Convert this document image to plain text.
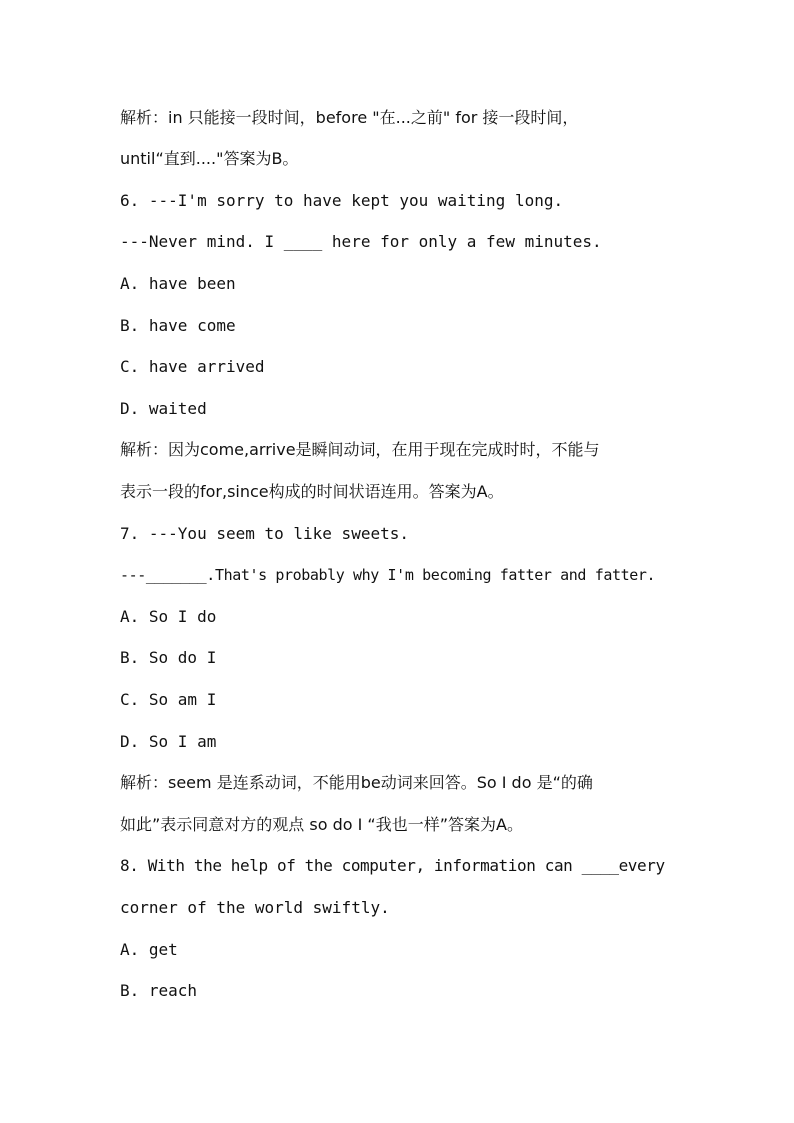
解析：in 只能接一段时间，before "在...之前" for 接一段时间，
until“直到...."答案为B。
6. ---I'm sorry to have kept you waiting long.
---Never mind. I ____ here for only a few minutes.
A. have been
B. have come
C. have arrived
D. waited
解析：因为come,arrive是瞬间动词，在用于现在完成时时，不能与
表示一段的for,since构成的时间状语连用。答案为A。
7. ---You seem to like sweets.
---_______.That's probably why I'm becoming fatter and fatter.
A. So I do
B. So do I
C. So am I
D. So I am
解析：seem 是连系动词，不能用be动词来回答。So I do 是“的确
如此”表示同意对方的观点 so do I “我也一样”答案为A。
8. With the help of the computer, information can ____every
corner of the world swiftly.
A. get
B. reach
